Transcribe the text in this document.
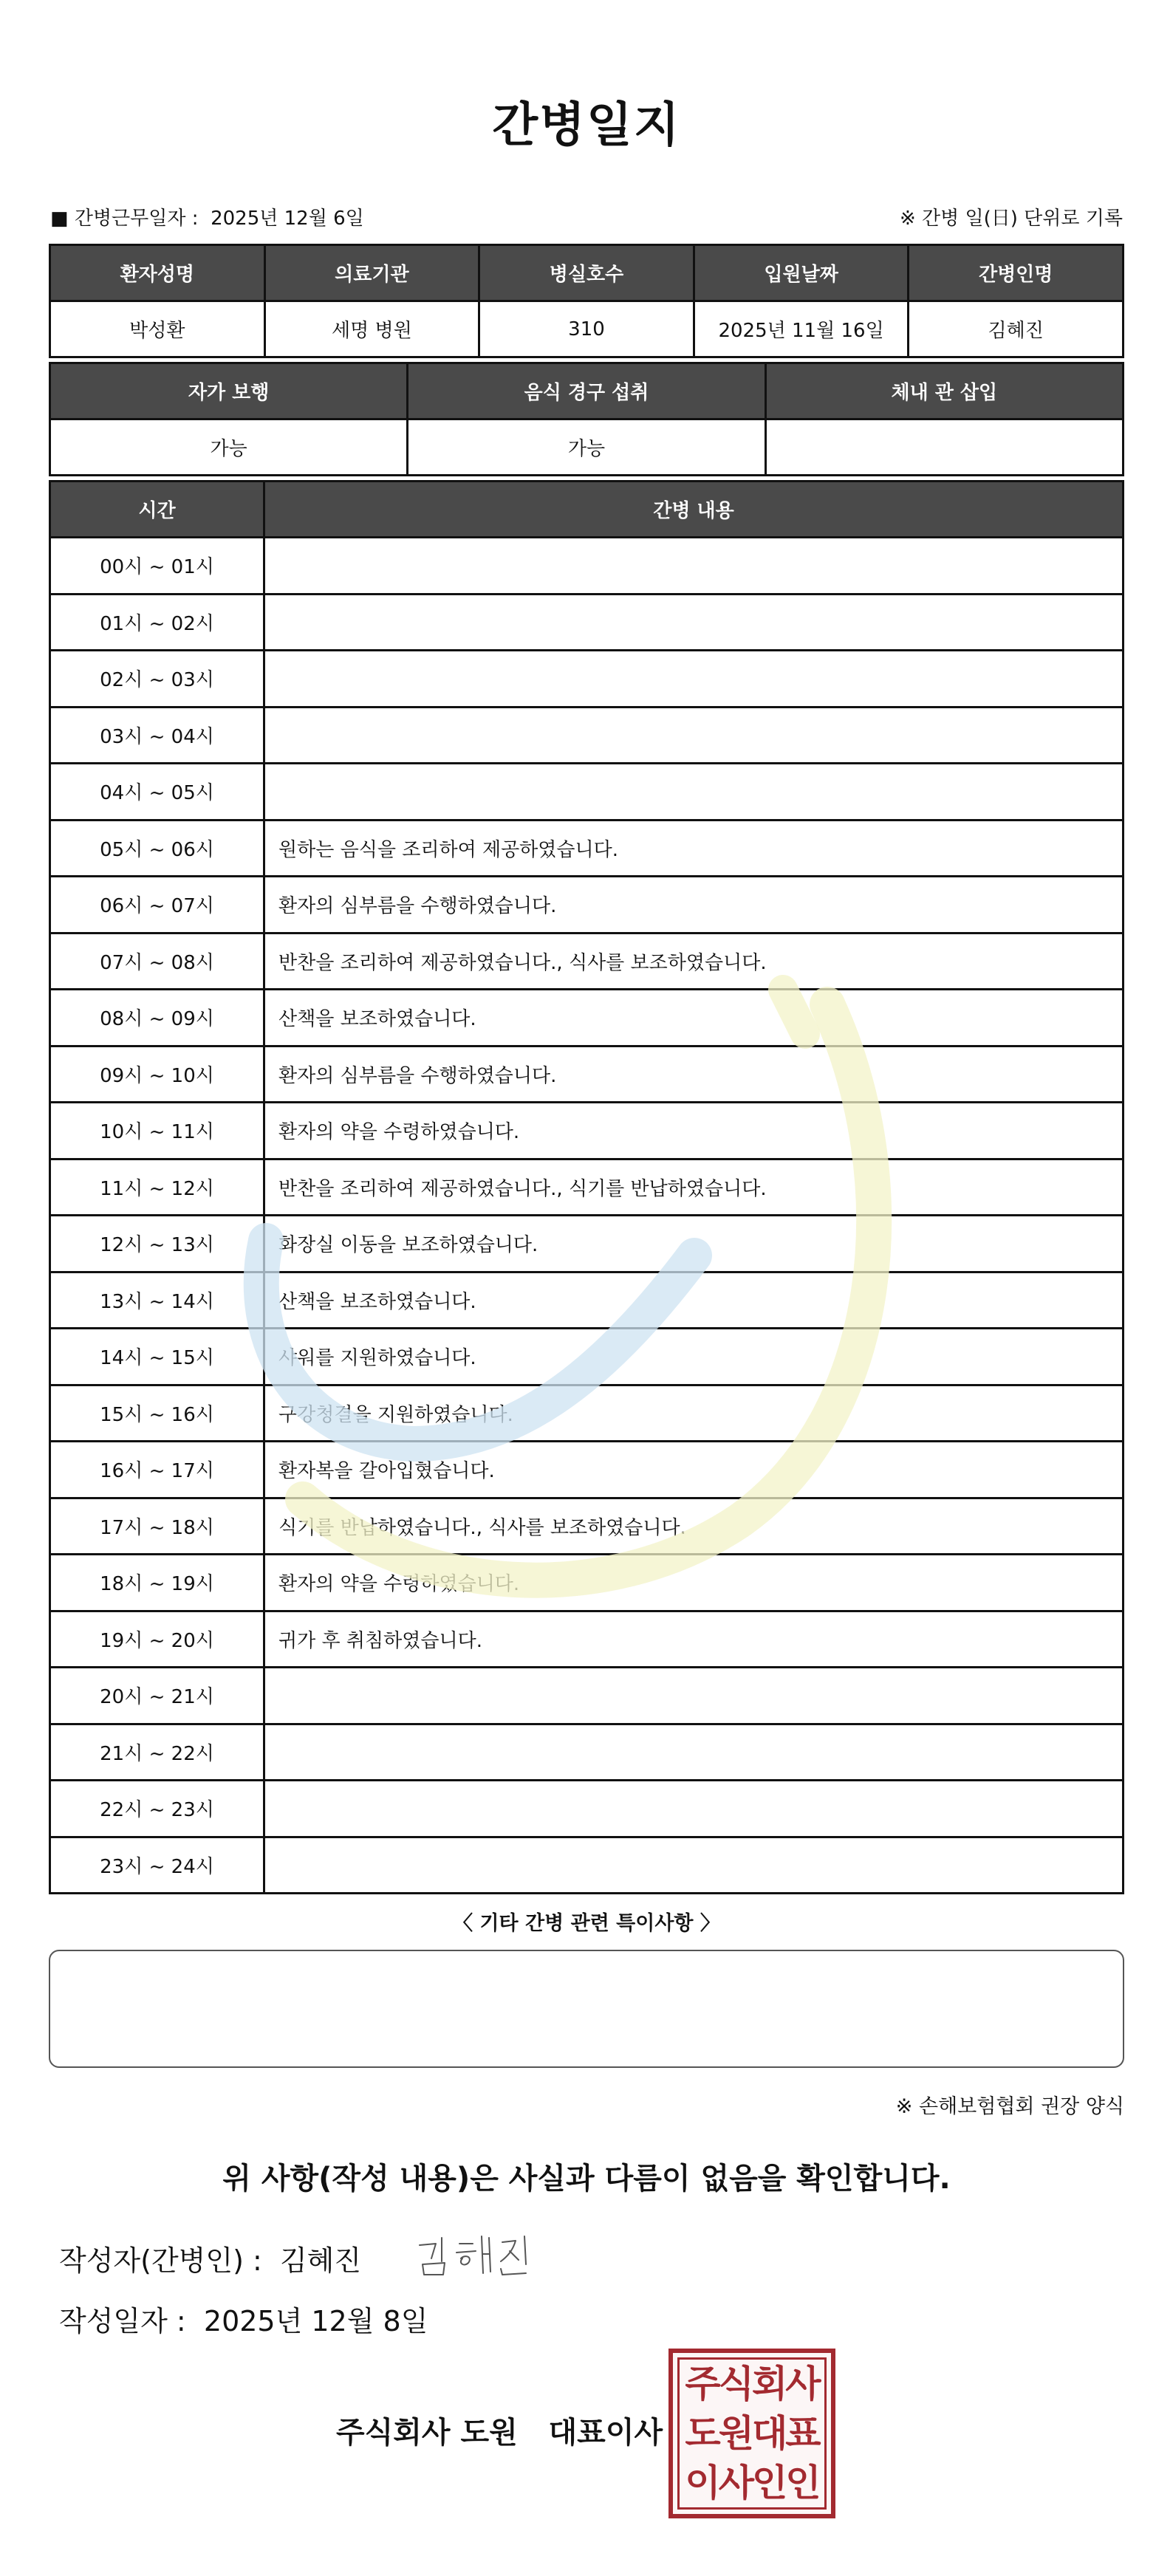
간병일지
■ 간병근무일자 : 2025년 12월 6일	※ 간병 일(日) 단위로 기록
환자성명	의료기관	병실호수	입원날짜	간병인명
박성환	세명 병원	310	2025년 11월 16일	김혜진
자가 보행	음식 경구 섭취	체내 관 삽입
가능	가능	
시간	간병 내용
00시 ~ 01시	
01시 ~ 02시	
02시 ~ 03시	
03시 ~ 04시	
04시 ~ 05시	
05시 ~ 06시	원하는 음식을 조리하여 제공하였습니다.
06시 ~ 07시	환자의 심부름을 수행하였습니다.
07시 ~ 08시	반찬을 조리하여 제공하였습니다., 식사를 보조하였습니다.
08시 ~ 09시	산책을 보조하였습니다.
09시 ~ 10시	환자의 심부름을 수행하였습니다.
10시 ~ 11시	환자의 약을 수령하였습니다.
11시 ~ 12시	반찬을 조리하여 제공하였습니다., 식기를 반납하였습니다.
12시 ~ 13시	화장실 이동을 보조하였습니다.
13시 ~ 14시	산책을 보조하였습니다.
14시 ~ 15시	샤워를 지원하였습니다.
15시 ~ 16시	구강청결을 지원하였습니다.
16시 ~ 17시	환자복을 갈아입혔습니다.
17시 ~ 18시	식기를 반납하였습니다., 식사를 보조하였습니다.
18시 ~ 19시	환자의 약을 수령하였습니다.
19시 ~ 20시	귀가 후 취침하였습니다.
20시 ~ 21시	
21시 ~ 22시	
22시 ~ 23시	
23시 ~ 24시	
〈 기타 간병 관련 특이사항 〉
※ 손해보험협회 권장 양식
위 사항(작성 내용)은 사실과 다름이 없음을 확인합니다.
작성자(간병인) : 김혜진
작성일자 : 2025년 12월 8일
주식회사 도원 대표이사
주식회사
도원대표
이사인인
